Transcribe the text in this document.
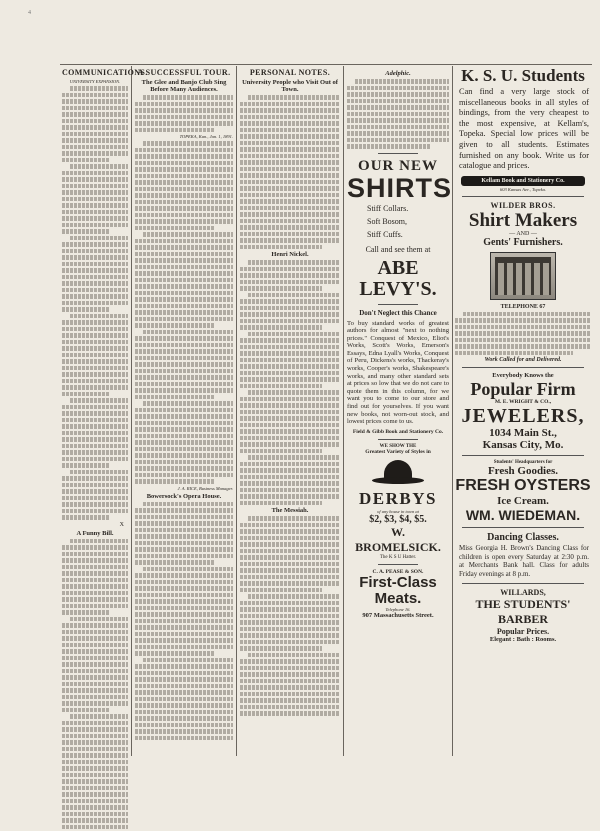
4
COMMUNICATIONS.
UNIVERSITY EXPANSION.
X
A Funny Bill.
A SUCCESSFUL TOUR.
The Glee and Banjo Club Sing Before Many Audiences.
TOPEKA, Kan., Jan. 1, 1891.
J. A. RICE, Business Manager.
Bowersock's Opera House.
PERSONAL NOTES.
University People who Visit Out of Town.
Henri Nickel.
The Messiah.
Adelphic.
OUR NEW
SHIRTS
Stiff Collars.
Soft Bosom,
Stiff Cuffs.
Call and see them at
ABE LEVY'S.
Don't Neglect this Chance
To buy standard works of greatest authors for almost "next to nothing prices." Conquest of Mexico, Eliot's Works, Scott's Works, Emerson's Essays, Edna Lyall's Works, Conquest of Peru, Dickens's works, Thackeray's works, Cooper's works, Shakespeare's works, and many other standard sets at prices so low that we do not care to quote them in this column, for we want you to come to our store and find out for yourselves. If you want new books, not worn-out stock, and lowest prices come to us.
Field & Gibb Book and Stationery Co.
WE SHOW THE
Greatest Variety of Styles in
DERBYS
of any house in town at
$2, $3, $4, $5.
W. BROMELSICK.
The K S U Hatter.
C. A. PEASE & SON.
First-Class Meats.
Telephone 16.
907 Massachusetts Street.
K. S. U. Students
Can find a very large stock of miscellaneous books in all styles of bindings, from the very cheapest to the most expensive, at Kellam's, Topeka. Special low prices will be given to all students. Estimates furnished on any book. Write us for catalogue and prices.
Kellam Book and Stationery Co.
603 Kansas Ave., Topeka.
WILDER BROS.
Shirt Makers
— AND —
Gents' Furnishers.
TELEPHONE 67
Work Called for and Delivered.
Everybody Knows the
Popular Firm
M. E. WRIGHT & CO.,
JEWELERS,
1034 Main St.,
Kansas City, Mo.
Students' Headquarters for
Fresh Goodies.
FRESH OYSTERS
Ice Cream.
WM. WIEDEMAN.
Dancing Classes.
Miss Georgia H. Brown's Dancing Class for children is open every Saturday at 2:30 p.m. at Merchants Bank hall. Class for adults Friday evenings at 8 p.m.
WILLARDS,
THE STUDENTS' BARBER
Popular Prices.
Elegant : Bath : Rooms.
